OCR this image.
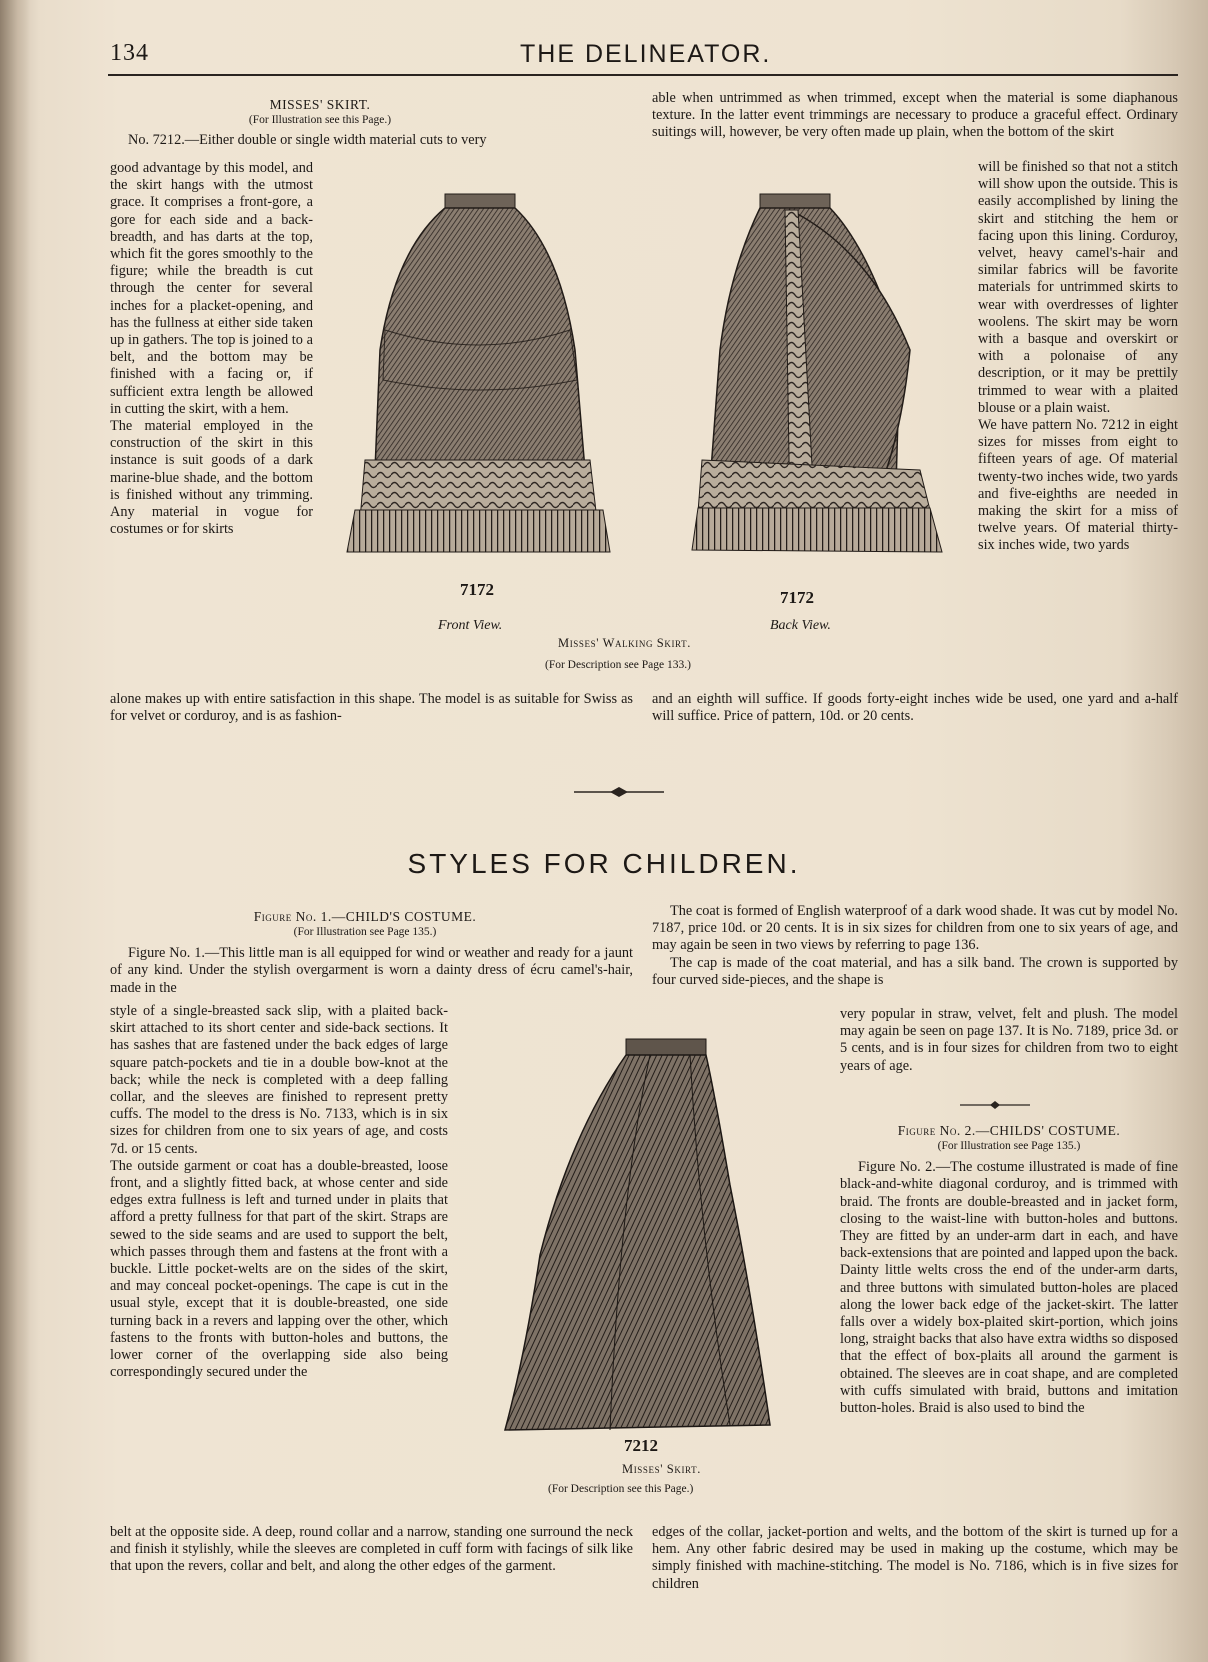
134	THE DELINEATOR.
MISSES' SKIRT.
(For Illustration see this Page.)

No. 7212.—Either double or single width material cuts to very

good advantage by this model, and the skirt hangs with the utmost grace. It comprises a front-gore, a gore for each side and a back-breadth, and has darts at the top, which fit the gores smoothly to the figure; while the breadth is cut through the center for several inches for a placket-opening, and has the fullness at either side taken up in gathers. The top is joined to a belt, and the bottom may be finished with a facing or, if sufficient extra length be allowed in cutting the skirt, with a hem.

The material employed in the construction of the skirt in this instance is suit goods of a dark marine-blue shade, and the bottom is finished without any trimming. Any material in vogue for costumes or for skirts

alone makes up with entire satisfaction in this shape. The model is as suitable for Swiss as for velvet or corduroy, and is as fashion-
able when untrimmed as when trimmed, except when the material is some diaphanous texture. In the latter event trimmings are necessary to produce a graceful effect. Ordinary suitings will, however, be very often made up plain, when the bottom of the skirt

will be finished so that not a stitch will show upon the outside. This is easily accomplished by lining the skirt and stitching the hem or facing upon this lining. Corduroy, velvet, heavy camel's-hair and similar fabrics will be favorite materials for untrimmed skirts to wear with overdresses of lighter woolens. The skirt may be worn with a basque and overskirt or with a polonaise of any description, or it may be prettily trimmed to wear with a plaited blouse or a plain waist.

We have pattern No. 7212 in eight sizes for misses from eight to fifteen years of age. Of material twenty-two inches wide, two yards and five-eighths are needed in making the skirt for a miss of twelve years. Of material thirty-six inches wide, two yards

and an eighth will suffice. If goods forty-eight inches wide be used, one yard and a-half will suffice. Price of pattern, 10d. or 20 cents.
7172
Front View.
7172
Back View.
Misses' Walking Skirt.
(For Description see Page 133.)
STYLES FOR CHILDREN.
Figure No. 1.—CHILD'S COSTUME.
(For Illustration see Page 135.)

Figure No. 1.—This little man is all equipped for wind or weather and ready for a jaunt of any kind. Under the stylish overgarment is worn a dainty dress of écru camel's-hair, made in the

style of a single-breasted sack slip, with a plaited back-skirt attached to its short center and side-back sections. It has sashes that are fastened under the back edges of large square patch-pockets and tie in a double bow-knot at the back; while the neck is completed with a deep falling collar, and the sleeves are finished to represent pretty cuffs. The model to the dress is No. 7133, which is in six sizes for children from one to six years of age, and costs 7d. or 15 cents.

The outside garment or coat has a double-breasted, loose front, and a slightly fitted back, at whose center and side edges extra fullness is left and turned under in plaits that afford a pretty fullness for that part of the skirt. Straps are sewed to the side seams and are used to support the belt, which passes through them and fastens at the front with a buckle. Little pocket-welts are on the sides of the skirt, and may conceal pocket-openings. The cape is cut in the usual style, except that it is double-breasted, one side turning back in a revers and lapping over the other, which fastens to the fronts with button-holes and buttons, the lower corner of the overlapping side also being correspondingly secured under the

belt at the opposite side. A deep, round collar and a narrow, standing one surround the neck and finish it stylishly, while the sleeves are completed in cuff form with facings of silk like that upon the revers, collar and belt, and along the other edges of the garment.

The coat is formed of English waterproof of a dark wood shade. It was cut by model No. 7187, price 10d. or 20 cents. It is in six sizes for children from one to six years of age, and may again be seen in two views by referring to page 136.

The cap is made of the coat material, and has a silk band. The crown is supported by four curved side-pieces, and the shape is

very popular in straw, velvet, felt and plush. The model may again be seen on page 137. It is No. 7189, price 3d. or 5 cents, and is in four sizes for children from two to eight years of age.
Figure No. 2.—CHILDS' COSTUME.
(For Illustration see Page 135.)

Figure No. 2.—The costume illustrated is made of fine black-and-white diagonal corduroy, and is trimmed with braid. The fronts are double-breasted and in jacket form, closing to the waist-line with button-holes and buttons. They are fitted by an under-arm dart in each, and have back-extensions that are pointed and lapped upon the back. Dainty little welts cross the end of the under-arm darts, and three buttons with simulated button-holes are placed along the lower back edge of the jacket-skirt. The latter falls over a widely box-plaited skirt-portion, which joins long, straight backs that also have extra widths so disposed that the effect of box-plaits all around the garment is obtained. The sleeves are in coat shape, and are completed with cuffs simulated with braid, buttons and imitation button-holes. Braid is also used to bind the

edges of the collar, jacket-portion and welts, and the bottom of the skirt is turned up for a hem. Any other fabric desired may be used in making up the costume, which may be simply finished with machine-stitching. The model is No. 7186, which is in five sizes for children
7212
Misses' Skirt.
(For Description see this Page.)
